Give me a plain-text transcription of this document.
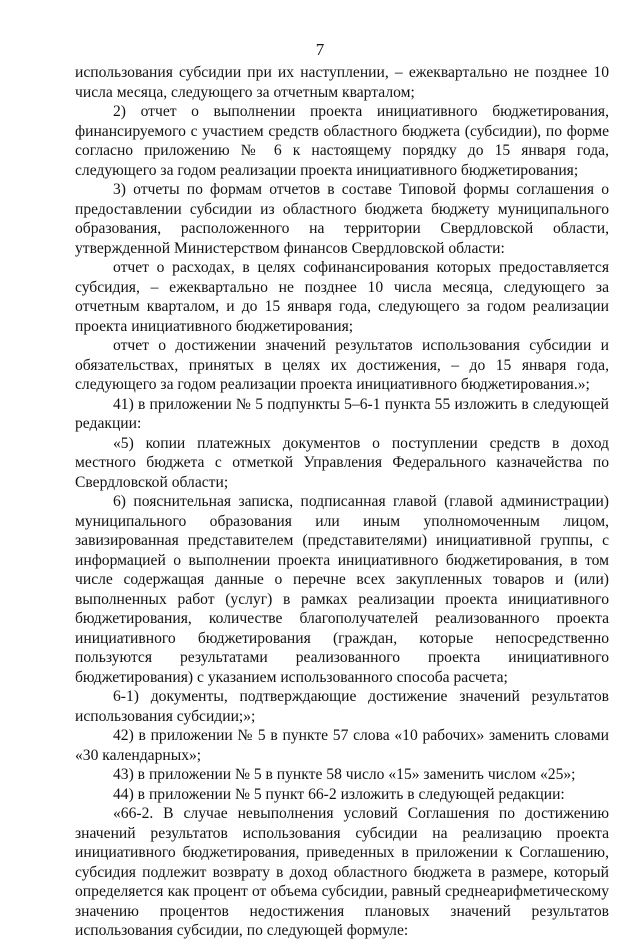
7

использования субсидии при их наступлении, – ежеквартально не позднее 10 числа месяца, следующего за отчетным кварталом;

2) отчет о выполнении проекта инициативного бюджетирования, финансируемого с участием средств областного бюджета (субсидии), по форме согласно приложению № 6 к настоящему порядку до 15 января года, следующего за годом реализации проекта инициативного бюджетирования;

3) отчеты по формам отчетов в составе Типовой формы соглашения о предоставлении субсидии из областного бюджета бюджету муниципального образования, расположенного на территории Свердловской области, утвержденной Министерством финансов Свердловской области:

отчет о расходах, в целях софинансирования которых предоставляется субсидия, – ежеквартально не позднее 10 числа месяца, следующего за отчетным кварталом, и до 15 января года, следующего за годом реализации проекта инициативного бюджетирования;

отчет о достижении значений результатов использования субсидии и обязательствах, принятых в целях их достижения, – до 15 января года, следующего за годом реализации проекта инициативного бюджетирования.»;

41) в приложении № 5 подпункты 5–6-1 пункта 55 изложить в следующей редакции:

«5) копии платежных документов о поступлении средств в доход местного бюджета с отметкой Управления Федерального казначейства по Свердловской области;

6) пояснительная записка, подписанная главой (главой администрации) муниципального образования или иным уполномоченным лицом, завизированная представителем (представителями) инициативной группы, с информацией о выполнении проекта инициативного бюджетирования, в том числе содержащая данные о перечне всех закупленных товаров и (или) выполненных работ (услуг) в рамках реализации проекта инициативного бюджетирования, количестве благополучателей реализованного проекта инициативного бюджетирования (граждан, которые непосредственно пользуются результатами реализованного проекта инициативного бюджетирования) с указанием использованного способа расчета;

6-1) документы, подтверждающие достижение значений результатов использования субсидии;»;

42) в приложении № 5 в пункте 57 слова «10 рабочих» заменить словами «30 календарных»;

43) в приложении № 5 в пункте 58 число «15» заменить числом «25»;

44) в приложении № 5 пункт 66-2 изложить в следующей редакции:

«66-2. В случае невыполнения условий Соглашения по достижению значений результатов использования субсидии на реализацию проекта инициативного бюджетирования, приведенных в приложении к Соглашению, субсидия подлежит возврату в доход областного бюджета в размере, который определяется как процент от объема субсидии, равный среднеарифметическому значению процентов недостижения плановых значений результатов использования субсидии, по следующей формуле:
